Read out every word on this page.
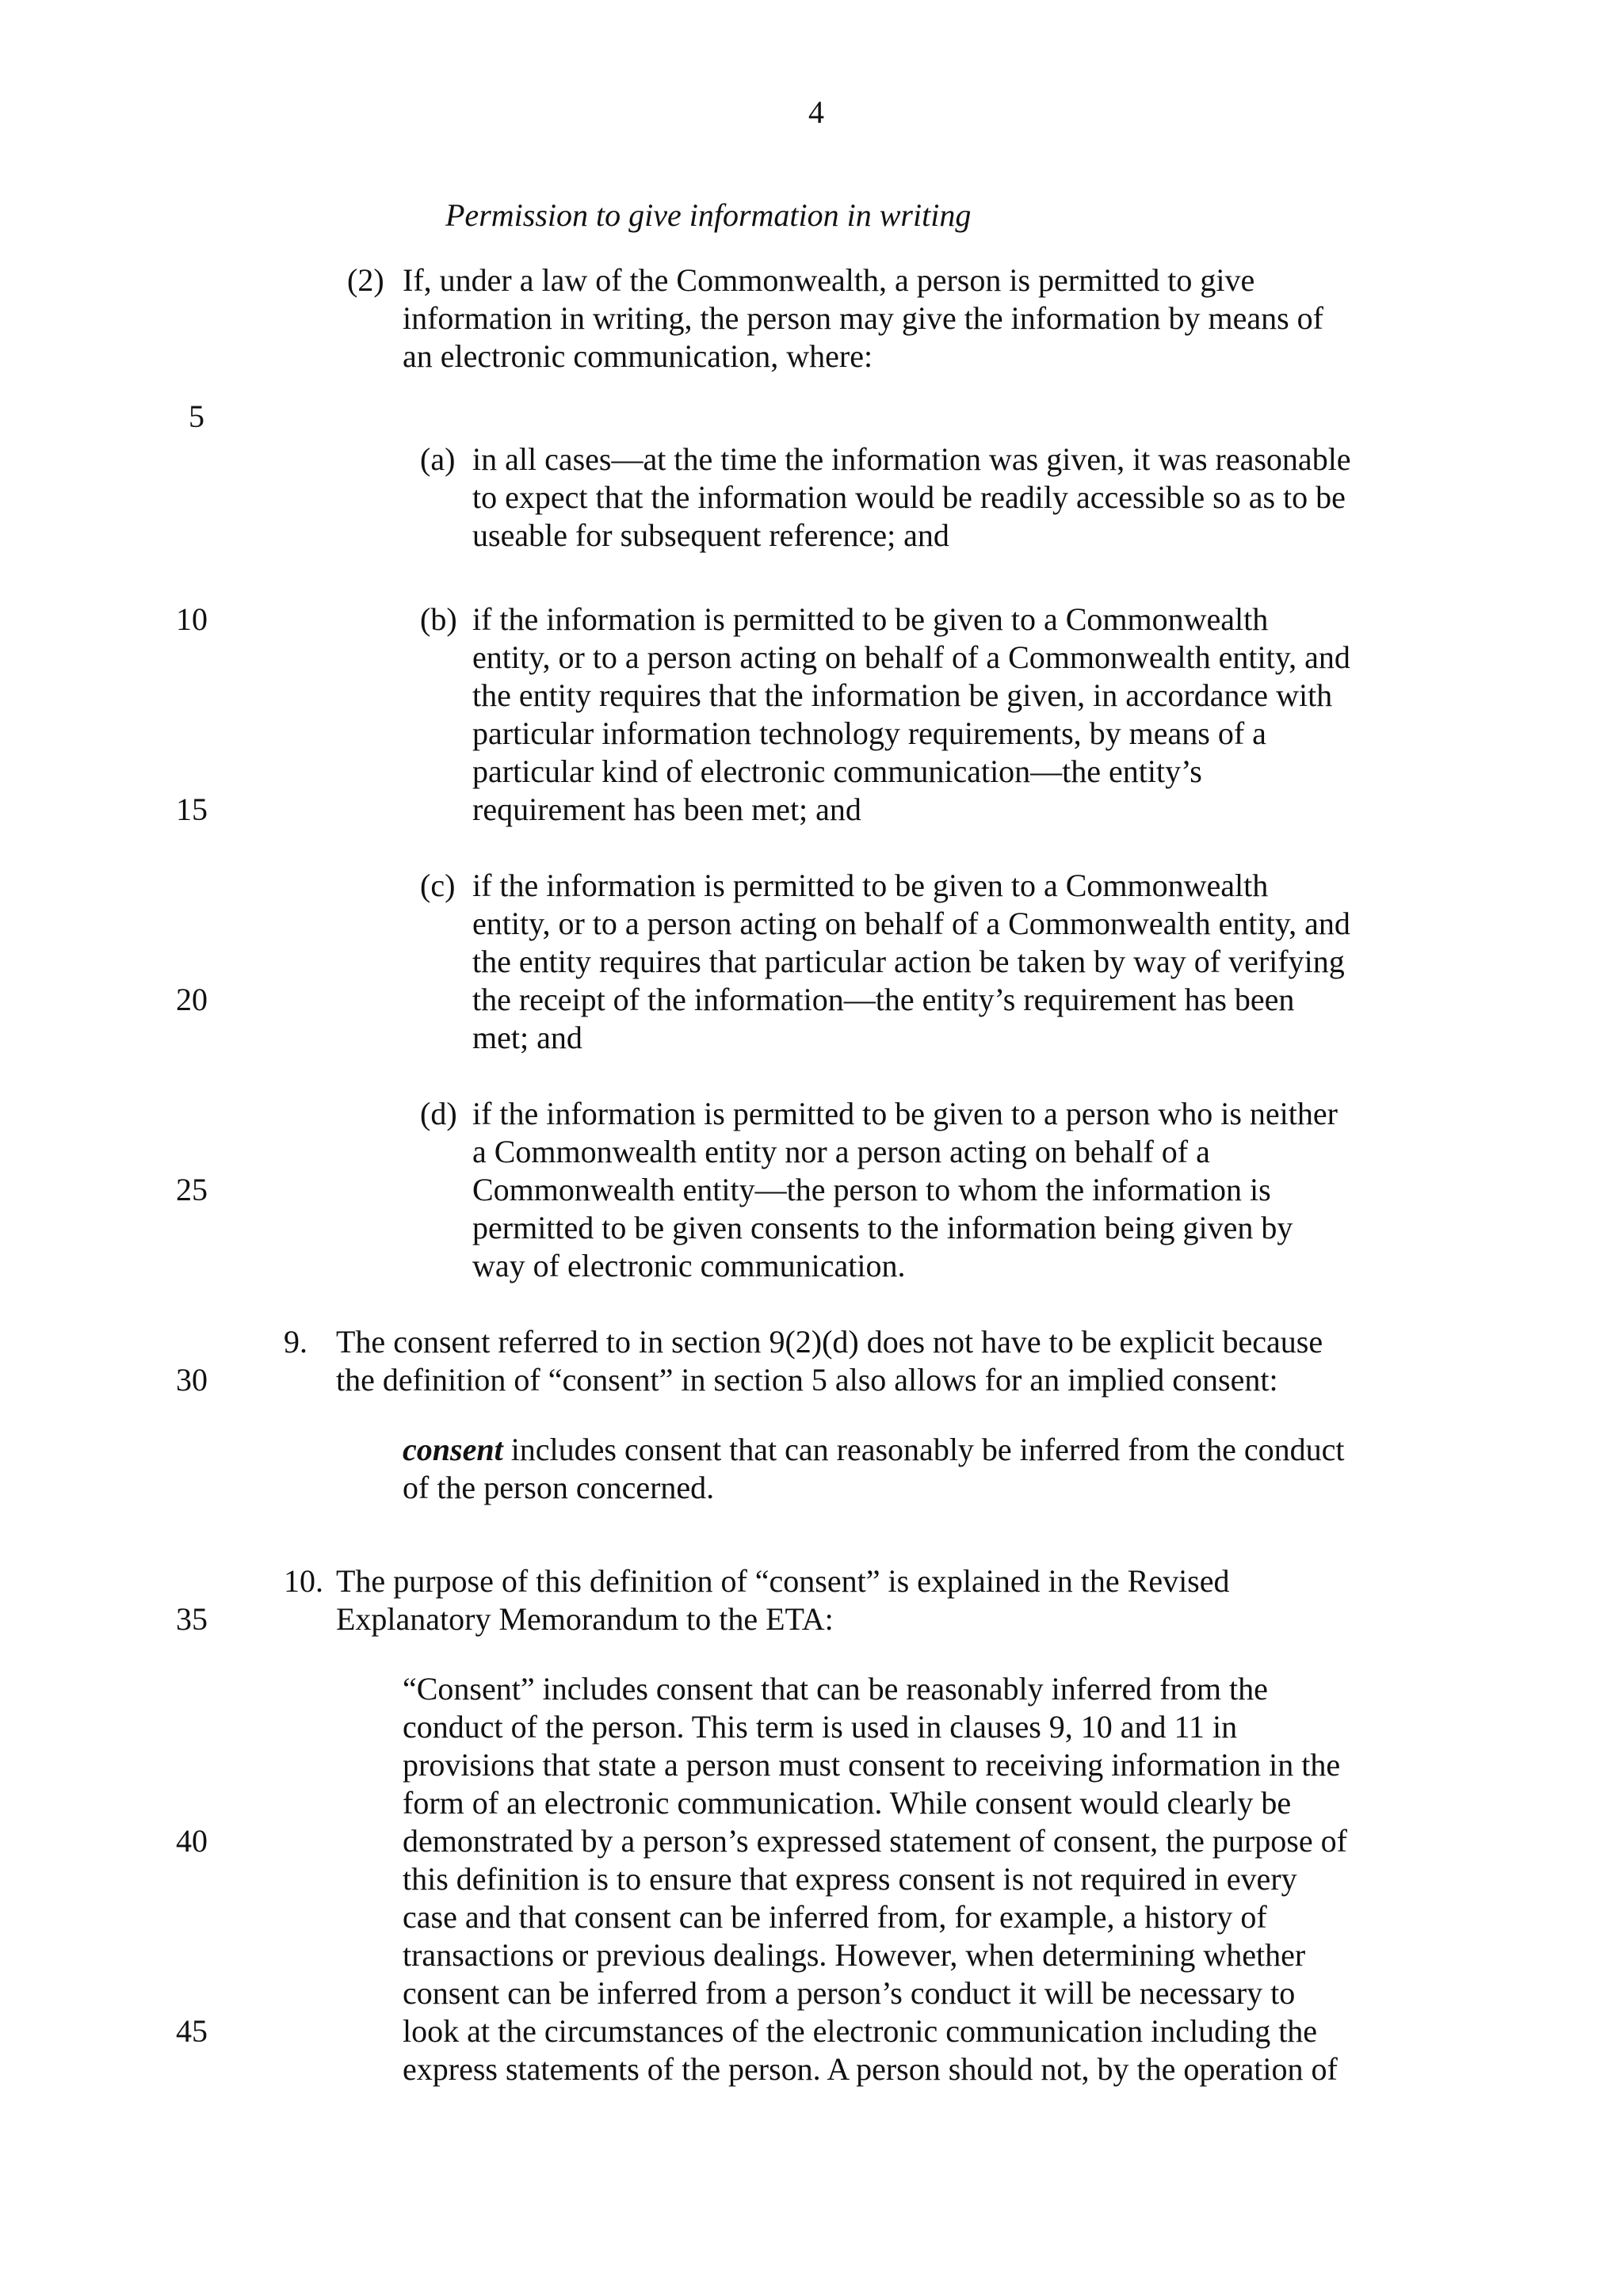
4
5
10
15
20
25
30
35
40
45
Permission to give information in writing
(2) If, under a law of the Commonwealth, a person is permitted to give
information in writing, the person may give the information by means of
an electronic communication, where:
(a) in all cases—at the time the information was given, it was reasonable
to expect that the information would be readily accessible so as to be
useable for subsequent reference; and
(b) if the information is permitted to be given to a Commonwealth
entity, or to a person acting on behalf of a Commonwealth entity, and
the entity requires that the information be given, in accordance with
particular information technology requirements, by means of a
particular kind of electronic communication—the entity’s
requirement has been met; and
(c) if the information is permitted to be given to a Commonwealth
entity, or to a person acting on behalf of a Commonwealth entity, and
the entity requires that particular action be taken by way of verifying
the receipt of the information—the entity’s requirement has been
met; and
(d) if the information is permitted to be given to a person who is neither
a Commonwealth entity nor a person acting on behalf of a
Commonwealth entity—the person to whom the information is
permitted to be given consents to the information being given by
way of electronic communication.
9. The consent referred to in section 9(2)(d) does not have to be explicit because
the definition of “consent” in section 5 also allows for an implied consent:
consent includes consent that can reasonably be inferred from the conduct
of the person concerned.
10. The purpose of this definition of “consent” is explained in the Revised
Explanatory Memorandum to the ETA:
“Consent” includes consent that can be reasonably inferred from the
conduct of the person. This term is used in clauses 9, 10 and 11 in
provisions that state a person must consent to receiving information in the
form of an electronic communication. While consent would clearly be
demonstrated by a person’s expressed statement of consent, the purpose of
this definition is to ensure that express consent is not required in every
case and that consent can be inferred from, for example, a history of
transactions or previous dealings. However, when determining whether
consent can be inferred from a person’s conduct it will be necessary to
look at the circumstances of the electronic communication including the
express statements of the person. A person should not, by the operation of
